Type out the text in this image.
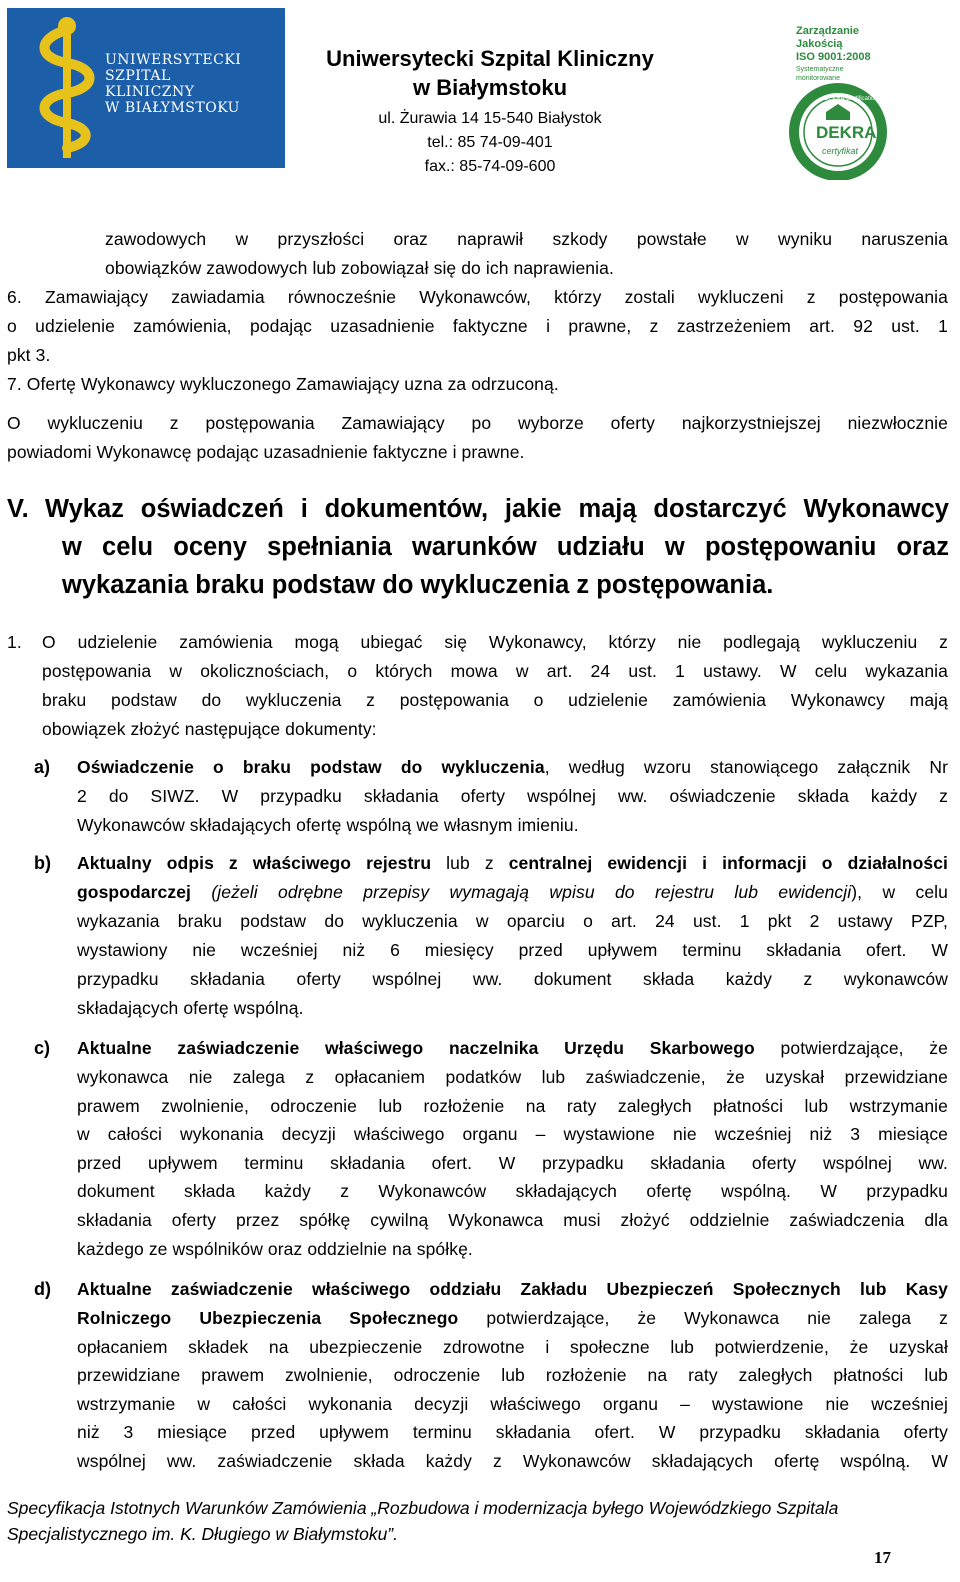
UNIWERSYTECKI
SZPITAL
KLINICZNY
W BIAŁYMSTOKU
Uniwersytecki Szpital Kliniczny
w Białymstoku
ul. Żurawia 14 15-540 Białystok
tel.: 85 74-09-401
fax.: 85-74-09-600
Zarządzanie
Jakością
ISO 9001:2008
Systematyczne
monitorowane
DEKRA Certification
DEKRA
certyfikat
zawodowych w przyszłości oraz naprawił szkody powstałe w wyniku naruszenia
obowiązków zawodowych lub zobowiązał się do ich naprawienia.
6. Zamawiający zawiadamia równocześnie Wykonawców, którzy zostali wykluczeni z postępowania
o udzielenie zamówienia, podając uzasadnienie faktyczne i prawne, z zastrzeżeniem art. 92 ust. 1
pkt 3.
7. Ofertę Wykonawcy wykluczonego Zamawiający uzna za odrzuconą.
O wykluczeniu z postępowania Zamawiający po wyborze oferty najkorzystniejszej niezwłocznie
powiadomi Wykonawcę podając uzasadnienie faktyczne i prawne.
V. Wykaz oświadczeń i dokumentów, jakie mają dostarczyć Wykonawcy
w celu oceny spełniania warunków udziału w postępowaniu oraz
wykazania braku podstaw do wykluczenia z postępowania.
1. O udzielenie zamówienia mogą ubiegać się Wykonawcy, którzy nie podlegają wykluczeniu z
postępowania w okolicznościach, o których mowa w art. 24 ust. 1 ustawy. W celu wykazania
braku podstaw do wykluczenia z postępowania o udzielenie zamówienia Wykonawcy mają
obowiązek złożyć następujące dokumenty:
a) Oświadczenie o braku podstaw do wykluczenia, według wzoru stanowiącego załącznik Nr
2 do SIWZ. W przypadku składania oferty wspólnej ww. oświadczenie składa każdy z
Wykonawców składających ofertę wspólną we własnym imieniu.
b) Aktualny odpis z właściwego rejestru lub z centralnej ewidencji i informacji o działalności
gospodarczej (jeżeli odrębne przepisy wymagają wpisu do rejestru lub ewidencji), w celu
wykazania braku podstaw do wykluczenia w oparciu o art. 24 ust. 1 pkt 2 ustawy PZP,
wystawiony nie wcześniej niż 6 miesięcy przed upływem terminu składania ofert. W
przypadku składania oferty wspólnej ww. dokument składa każdy z wykonawców
składających ofertę wspólną.
c) Aktualne zaświadczenie właściwego naczelnika Urzędu Skarbowego potwierdzające, że
wykonawca nie zalega z opłacaniem podatków lub zaświadczenie, że uzyskał przewidziane
prawem zwolnienie, odroczenie lub rozłożenie na raty zaległych płatności lub wstrzymanie
w całości wykonania decyzji właściwego organu – wystawione nie wcześniej niż 3 miesiące
przed upływem terminu składania ofert. W przypadku składania oferty wspólnej ww.
dokument składa każdy z Wykonawców składających ofertę wspólną. W przypadku
składania oferty przez spółkę cywilną Wykonawca musi złożyć oddzielnie zaświadczenia dla
każdego ze wspólników oraz oddzielnie na spółkę.
d) Aktualne zaświadczenie właściwego oddziału Zakładu Ubezpieczeń Społecznych lub Kasy
Rolniczego Ubezpieczenia Społecznego potwierdzające, że Wykonawca nie zalega z
opłacaniem składek na ubezpieczenie zdrowotne i społeczne lub potwierdzenie, że uzyskał
przewidziane prawem zwolnienie, odroczenie lub rozłożenie na raty zaległych płatności lub
wstrzymanie w całości wykonania decyzji właściwego organu – wystawione nie wcześniej
niż 3 miesiące przed upływem terminu składania ofert. W przypadku składania oferty
wspólnej ww. zaświadczenie składa każdy z Wykonawców składających ofertę wspólną. W
Specyfikacja Istotnych Warunków Zamówienia „Rozbudowa i modernizacja byłego Wojewódzkiego Szpitala
Specjalistycznego im. K. Długiego w Białymstoku”.
17
